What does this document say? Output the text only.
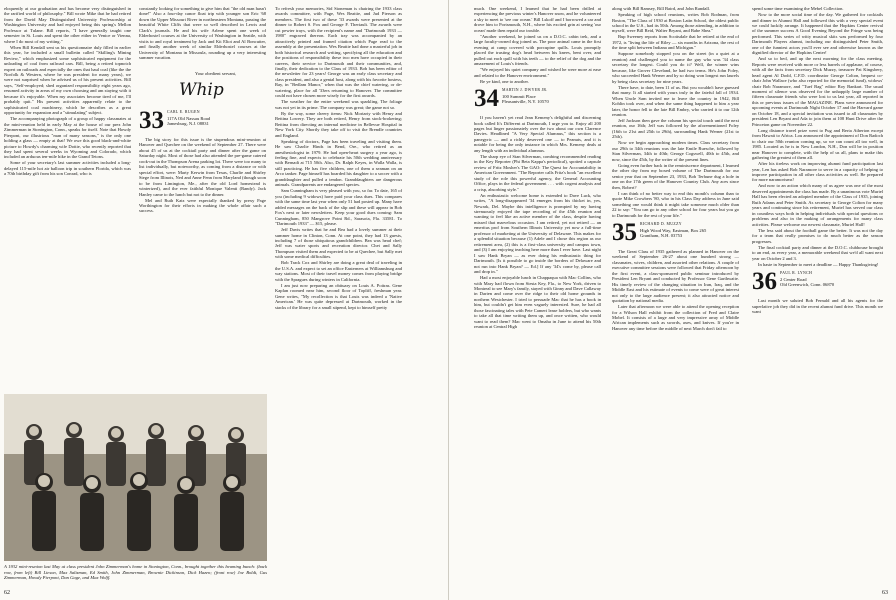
eloquently at our graduation and has become very distinguished in the rarified world of philosophy." Bill wrote Mike that he had retired from the David May Distinguished University Professorship at Washington University and had enjoyed being this spring's Mellon Professor at Tulane. Bill reports, "I have generally taught one semester in St. Louis and spent the other either in Venice or Vienna, where I do most of my writing."

When Bill Kendall sent us his questionnaire duly filled in earlier this year, he included a small bulletin called "Skilling's Mining Review," which emphasized some sophisticated equipment for the unloading of coal from railroad cars. Bill, being a retired topnotch expert on railroads and especially the ones that haul coal (like the the Norfolk & Western, where he was president for many years), we were not surprised when he advised us of his present activities. Bill says, "Self-employed; shed organized responsibility eight years ago, resumed activity in areas of my own choosing and am staying with it because it's enjoyable. When my associates become tired of me, I'll probably quit." His present activities apparently relate to the sophisticated coal machinery, which he describes as a great opportunity for expansion and a "stimulating" subject.

The accompanying photograph of a group of happy classmates at the mini-reunion held in early May at the house of our prez John Zimmerman in Stonington, Conn., speaks for itself. Note that Howdy Pierpont, our illustrious "man of many seasons," is the only one holding a glass — empty at that! We owe this good black-and-white picture to Howdy's charming wife Dottie, who recently reported that they had spent several weeks in Wyoming and Colorado, which included an arduous ten-mile hike in the Grand Tetons.

Some of your secretary's last summer activities included a long-delayed 115-mile hot air balloon trip in southern Florida, which was a 70th birthday gift from his son Conrad, who is

constantly looking for something to give him that "the old man hasn't done!" Also a four-day canoe float trip with younger son Eric '68 down the Upper Missouri River in northeastern Montana, passing the beautiful White Cliffs that were so well described in Lewis and Clark's journals. He and his wife Arlene spent one week of Elderhostel courses at the University of Washington in Seattle, with visits to and royal treatment by Jack and Kit Eliot and Al Boncutter, and finally another week of similar Elderhostel courses at the University of Montana in Missoula, rounding up a very interesting summer vacation.

Your obedient servant,

Whip
33 CARL E. RUGEN
117A Old Nassau Road
Jamesburg, N.J. 08831

The big story for this issue is the stupendous mini-reunion at Hanover and Quechee on the weekend of September 27. There were about 45 of us at the cocktail party and dinner after the game on Saturday night. Most of those had also attended the pre-game catered cook-out in the Thompson Arena parking lot. There were too many to list individually, but noteworthy, as coming from a distance or with special effort, were: Marty Kerwin from Texas, Charlie and Shirley Stege from Illinois, Ned and Anne Fenn from Maryland (though soon to be from Limington, Me., after the old Lord homestead is winterized), and the ever faithful Monique Valenti (Randy). Jack Hanley came to the lunch but not to the dinner.

Mel and Ruth Katz were especially thanked by prexy Page Worthington for their efforts in making the whole affair such a success.

A 1932 mini-reunion last May at class president John Zimmerman's home in Stonington, Conn., brought together this beaming bunch: (back row, from left) Bill Lieson, Max Saltzman, Ed Smith, John Zimmerman, Brownie Dickinson, Dick Hazen; (front row) Joe Boldt, Gus Zimmerman, Howdy Pierpont, Dan Gage, and Max Wolff.

To refresh your memories, Sid Stoneman is chairing the 1933 class awards committee, with Page, Wes Beattie, and Jud Pierson as members. The first two of these '33 awards were presented at the dinner to Robert S. Fox and George F. Theriault. The awards were cut pewter trays, with the recipient's name and "Dartmouth 1933 — 1980" engraved thereon. Each tray was accompanied by an attractively printed and framed citation which Page read to the assembly at the presentation. Wes Beattie had done a masterful job in both historical research and writing, specifying all the education and the positions of responsibility these two men have occupied in their careers, their service to Dartmouth and their communities, and, finally, their dedication to the Class of 1933. Bob has been editor of the newsletter for 23 years! George was an early class secretary and class president, and also a genial host, along with his favorite hostess, Ray, in "Bedlam Manor," when that was the chief watering, or de-watering, place for all '33ers returning to Hanover. The committee could not have chosen more wisely for the first awards.

The weather for the entire weekend was sparkling. The foliage was not yet in its prime. The company was great; the game not so.

By the way, some cheery items: Nick Moriarty with Henry and Bettina Lowery. They are both retired, Henry from stock-brokering; Bettina from directing an internal medicine in Bellevue Hospital in New York City. Shortly they take off to visit the Brendle countries and England.

Speaking of doctors, Page has been traveling and visiting them. He saw Charlie Hinds in Bend, Ore., who retired as an anesthesiologist in 1979. He had open-heart surgery a year ago, is feeling fine, and expects to celebrate his 50th wedding anniversary with Bernadi at 715 50th. Also, Dr. Ralph Keyes, in Walla Walla, is still practicing. He has five children, one of them a seaman on an Arco tanker. Page himself has boarded his daughter to a soccer with a granddaughter and pulled a tendon. Granddaughters are dangerous animals. Grandparents are endangered species.

Sam Cunningham is very pleased with you, so far. To date, 165 of you (including 9 widows) have paid your class dues. This compares with the same time last year when only 51 had posted up. Many have added messages on the back of the slip and these will appear in Bob Fox's next or later newsletters. Keep your good dues coming: Sam Cunningham, 850 Mangrove Point Rd., Sarasota, Fla. 33581. To "Dartmouth 1933" — $15, please.

Jeff Davis writes that he and Bea had a lovely summer at their summer home in Clinton, Conn. At one point, they had 13 guests, including 7 of those ubiquitous grandchildren. Bea was head chef; Jeff was water sports and recreation director. Chet and Sally Thompson visited them and expected to be at Quechee, but Sally met with some medical difficulties.

Bob Track Cox and Shirley are doing a great deal of traveling in the U.S.A. and expect to set an office Easterners at Williamsburg and way stations. Most of their travel money comes from playing bridge with the Spragues during winters in California.

I am just now preparing an obituary on Louis A. Poitras. Gene Kaplan roomed near him, second floor of Topliff, freshman year. Gene writes, "My recollection is that Louis was indeed a 'Native American.' He was quite depressed at Dartmouth, worked in the stacks of the library for a small stipend, kept to himself pretty

much. One weekend, I learned that he had been drilled at experiencing the previous winter's Hanover snow, and he volunteered a sky to meet to 'see our ocean.' Bill Lskoff and I borrowed a car and drove him to Portsmouth, N.H., where his excited grin at seeing 'our ocean' made then repaid our trouble.

"Another weekend, he joined us on a D.O.C. cabin trek, and a large faculty-owned dog joined us. The poor animal came in the first evening at camp covered with porcupine quills. Louis promptly placed the trusting dog's head between his knees, bent over, and pulled out each quill with his teeth — to the relief of the dog and the amazement of Louis's friends.

"We enjoyed his quiet company and wished he were more at ease and related to the Hanover environment."

Be ye kind, one to another.

34 MARTIN J. DWYER JR.
100 Summit Place
Pleasantville, N.Y. 10570

If you haven't yet read Jean Kemeny's delightful and discerning book called It's Different at Dartmouth, I urge you to. Enjoy all 200 pages but linger passionately over the two about our own Clarence Davies. Headlined "A Very Special Alumnus," this section is a panegyric — and a richly deserved one — to Peanuts, and it is notable for being the only instance in which Mrs. Kemeny deals at any length with an individual alumnus.

The sharp eye of Stan Silverman, combing recommended reading in the Key Reporter (Phi Beta Kappa's periodical), spotted a capsule review of Fritz Mosher's The GAO: The Quest for Accountability in American Government. "The Reporter calls Fritz's book "an excellent study of the role this powerful agency, the General Accounting Office, plays in the federal government . . . with cogent analysis and a crisp, absorbing style."

An enthusiastic welcome home is extended to Dave Luck, who writes, "A long-disappeared '34 emerges from his thicket in, yes, Newark, Del. Maybe this intelligence is prompted by my having strenuously enjoyed the tape recording of the 45th reunion and wanting to feel like an active member of the class, despite having missed that marvelous occasion. I am retired, yet not retired — an emeritus prof from Southern Illinois University yet now a full-time professor of marketing at the University of Delaware. This makes for a splendid situation because (1) Adele and I chose this region as our retirement area, (2) this is a first-class university and campus town, and (3) I am enjoying teaching here more than I ever have. Last night I saw Hank Bryan — as ever doing his enthusiastic thing for Dartmouth. [Is it possible to go inside the borders of Delaware and not run into Hank Bryan? — Ed.] If any '34's come by, please call and drop in."

Had a most enjoyable lunch in Chappaqua with Mac Collins, who with Mary had flown from Siesta Key, Fla., to New York, driven to Montreal to see Mary's family, stayed with Ginny and Dave Callaway in Darien and come over the ridge to their old home grounds in northern Westchester. I tried to persuade Mac that he has a book in him, but couldn't get him even vaguely interested. Sure, he had all those fascinating tales with Pete Cameri lease holders, but who wants to take all that time writing them up, and once written, who would want to read them? Mac went to Omaha in June to attend his 50th reunion at Central High

along with Bill Ramsey, Bill Baird, and John Randall.

Speaking of high school reunions, writes Bob Rodman, from Boston, "The Class of 1930 at Boston Latin School, the oldest public school in the U.S., had its 50th. Among those attending, in addition to myself, were Bill Reid, Walter Bryant, and Babe Shea."

Bup Sweeney reports from Scottsdale that he retired at the end of 1972, is "living the life of Riley — six months in Arizona, the rest of the time split between Indiana and Michigan."

Suppose somebody stopped you on the street (in a quiet at a reunion) and challenged you to name the guy who was '34 class secretary the longest. Could you do it? Well, the winner wins because, like Grover Cleveland, he had two terms. He's John Foley, who succeeded Hank Werner and by so doing won longest run laurels by being class secretary for nine years.

There have, to date, been 11 of us. But you wouldn't have guessed that many. It all started with yours truly in the fateful fall of 1934. When Uncle Sam invited me to leave the country in 1942, Bill Kohlin took over, and when the same thing happened to him a year later, the honor fell to the late Bill Embry, who carried it to our 12th reunion.

Jeff Jackson then gave the column his special touch until the next reunion, our 16th; Jeff was followed by the aforementioned Foley (16th to 21st and 25th to 29th), surrounding Hank Werner (21st to 25th).

Now we begin approaching modern times. Class secretary from our 29th to 34th reunions was the late Emile Ruesche, followed by Stan Silverman, 34th to 40th; George Cogswell, 40th to 45th, and now, since the 45th, by the writer of the present lines.

Going even further back in the reminiscence department, I learned the other day from my boxed volume of The Dartmouth for our senior year that on September 23, 1933, Bob Terhune dug a hole in one on the 17th green of the Hanover Country Club. Any aces since then, Robert?

I can think of no better way to end this month's column than to quote Mike Crowbers '80, who in his Class Day address in June said something one would think it might take someone much older than 22 to say: "You can go to any other school for four years but you go to Dartmouth for the rest of your life."

35 RICHARD D. MUZZY
High Wood Way, Eastman, Box 265
Grantham, N.H. 03753

The Great Class of 1935 gathered as planned in Hanover on the weekend of September 26-27 about one hundred strong — classmates, wives, children, and assorted other relations. A couple of executive committee sessions were followed that Friday afternoon by the first event, a class-sponsored public seminar introduced by President Len Bryant and conducted by Professor Gene Garthwaite. His timely review of the changing situation in Iran, Iraq, and the Middle East and his estimate of events to come were of great interest not only to the large audience present; it also attracted notice and quotation by national media.

Later that afternoon we were able to attend the opening reception for a Wilson Hall exhibit from the collection of Fred and Claire Mobel. It consists of a large and very impressive array of Middle African implements such as swords, axes, and knives. If you're in Hanover any time before the middle of next March don't fail to

spend some time examining the Mebel Collection.

Now to the more social time of the day. We gathered for cocktails and dinner in Alumni Hall and followed this with a very special event we could luckily arrange. It happened that the Hopkins Center revival of the summer success A Good Evening Beyond the Fringe was being performed. This series of witty musical skits was performed by four Dartmouth Players alumni, including our distinguished Peter Smith, one of the funniest actors you'll ever see and otherwise known as the dignified director of the Hopkins Center!

And so to bed, and up the next morning for the class meeting. Reports were received with more or less barrels of applause, of course, with all the facts from secretary Dick Muzzy, treasurer Pat Kingsbery, head agent Al Dodd, C.F.D. coordinator George Colton, bequest co-chair John Wallace (who also reported for the memorial fund), widows' chair Bob Naramore, and "Tuef Bag" editor Roy Bankart. The usual moment of silence was observed for the unhappily large number of fifteen classmate friends who were lost to us last year, all reported in this or previous issues of the MAGAZINE. Plans were announced for upcoming events at Dartmouth Night October 17 and the Harvard game on October 18, and a special invitation was issued to all classmates by president Len Bryant and Ada to join them at 108 Hunt Drive after the Princeton game on November 22.

Long distance travel prize went to Pug and Berta Atherton except from Hawaii to Africa. Lou announced the appointment of Don Radoch to chair our 50th reunion coming up, so we can count all too well, in 1985. Located as he is in New London, N.H., Don will be in position near Hanover to complete, with the help of us all, plans to make this gathering the greatest of them all.

After his tireless work on improving alumni fund participation last year, Len has asked Bob Naramore to serve in a capacity of helping to improve participation in all other class activities as well. Be prepared for more naramorisms!

And now to an action which many of us agree was one of the most deserved appointments the class has made. By a unanimous vote Muriel Hall has been elected an adopted member of the Class of 1935, joining Ruth Adams and Peter Smith. As secretary to George Colton for many years and continuing since his retirement, Muriel has served our class in countless ways both in helping individuals with special questions or problems and also in the making of arrangements for many class activities. Please welcome our newest classmate, Muriel Hall!

The less said about the football game the better. It was not the day for a team that really promises to do much better as the season progresses.

The final cocktail party and dinner at the D.O.C. clubhouse brought to an end, as every year, a memorable weekend that we'd all want next year on October 2 and 3.

In haste in September to meet a deadline — Happy Thanksgiving!

36 PAUL R. LYNCH
2 Center Road
Old Greenwich, Conn. 06870

Last month we saluted Bob Fernald and all his agents for the superlative job they did in the recent alumni fund drive. This month we want

62	63
